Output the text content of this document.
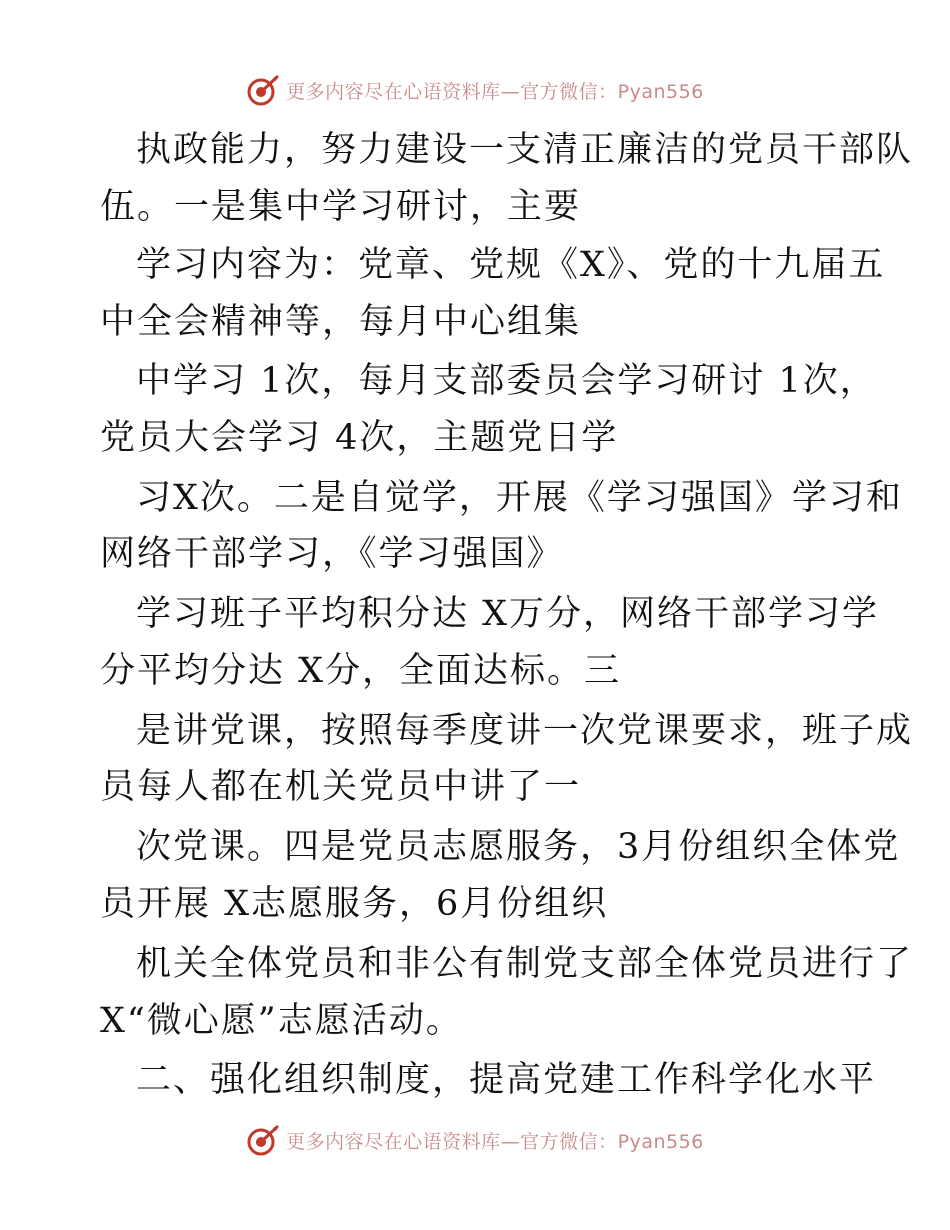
更多内容尽在心语资料库—官方微信：Pyan556
执政能力，努力建设一支清正廉洁的党员干部队
伍。一是集中学习研讨，主要
学习内容为：党章、党规《X》、党的十九届五
中全会精神等，每月中心组集
中学习 1次，每月支部委员会学习研讨 1次，
党员大会学习 4次，主题党日学
习X次。二是自觉学，开展《学习强国》学习和
网络干部学习，《学习强国》
学习班子平均积分达 X万分，网络干部学习学
分平均分达 X分，全面达标。三
是讲党课，按照每季度讲一次党课要求，班子成
员每人都在机关党员中讲了一
次党课。四是党员志愿服务，3月份组织全体党
员开展 X志愿服务，6月份组织
机关全体党员和非公有制党支部全体党员进行了
X“微心愿”志愿活动。
二、强化组织制度，提高党建工作科学化水平
更多内容尽在心语资料库—官方微信：Pyan556
